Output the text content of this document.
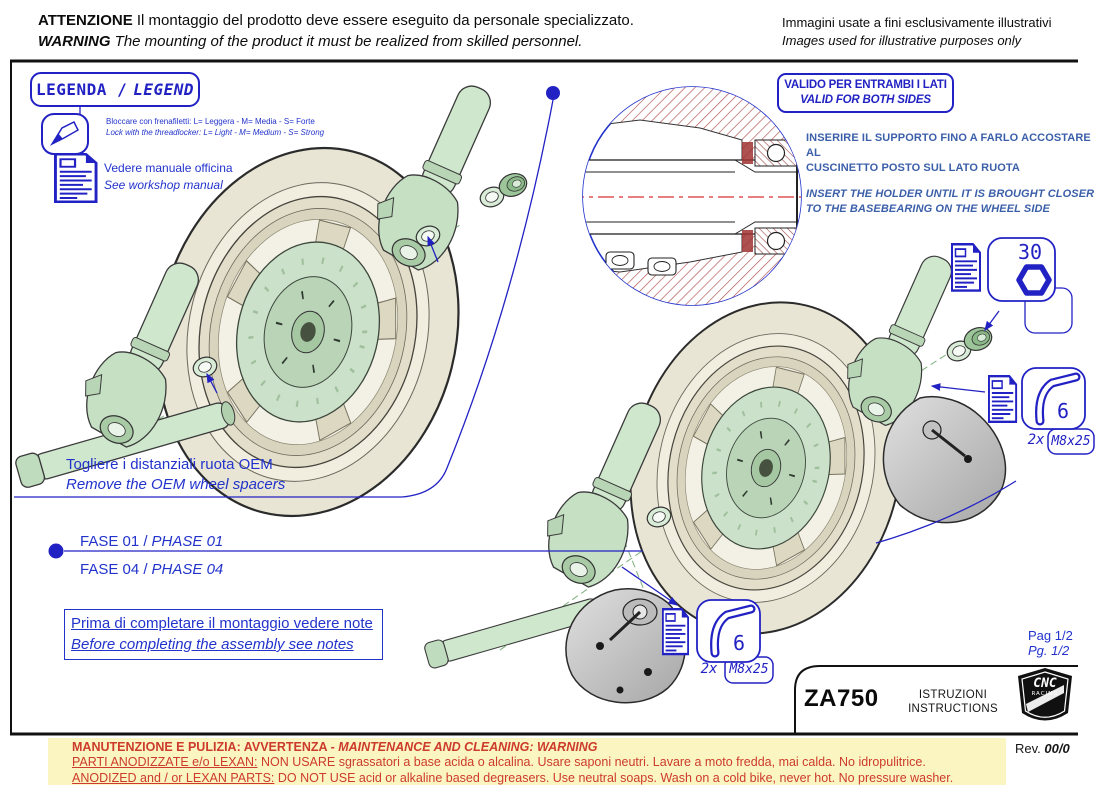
CNC
RACING
ATTENZIONE Il montaggio del prodotto deve essere eseguito da personale specializzato.
WARNING The mounting of the product it must be realized from skilled personnel.
Immagini usate a fini esclusivamente illustrativi
Images used for illustrative purposes only
LEGENDA / LEGEND
Bloccare con frenafiletti: L= Leggera - M= Media - S= Forte
Lock with the threadlocker: L= Light - M= Medium - S= Strong
Vedere manuale officina
See workshop manual
VALIDO PER ENTRAMBI I LATI
VALID FOR BOTH SIDES
INSERIRE IL SUPPORTO FINO A FARLO ACCOSTARE AL
CUSCINETTO POSTO SUL LATO RUOTA
INSERT THE HOLDER UNTIL IT IS BROUGHT CLOSER
TO THE BASEBEARING ON THE WHEEL SIDE
Togliere i distanziali ruota OEM
Remove the OEM wheel spacers
FASE 01 / PHASE 01
FASE 04 / PHASE 04
Prima di completare il montaggio vedere note
Before completing the assembly see notes
30
6
2x M8x25
6
2x M8x25
Pag 1/2
Pg. 1/2
ZA750	ISTRUZIONI
INSTRUCTIONS
Rev. 00/0
MANUTENZIONE E PULIZIA: AVVERTENZA - MAINTENANCE AND CLEANING: WARNING
PARTI ANODIZZATE e/o LEXAN: NON USARE sgrassatori a base acida o alcalina. Usare saponi neutri. Lavare a moto fredda, mai calda. No idropulitrice.
ANODIZED and / or LEXAN PARTS: DO NOT USE acid or alkaline based degreasers. Use neutral soaps. Wash on a cold bike, never hot. No pressure washer.
